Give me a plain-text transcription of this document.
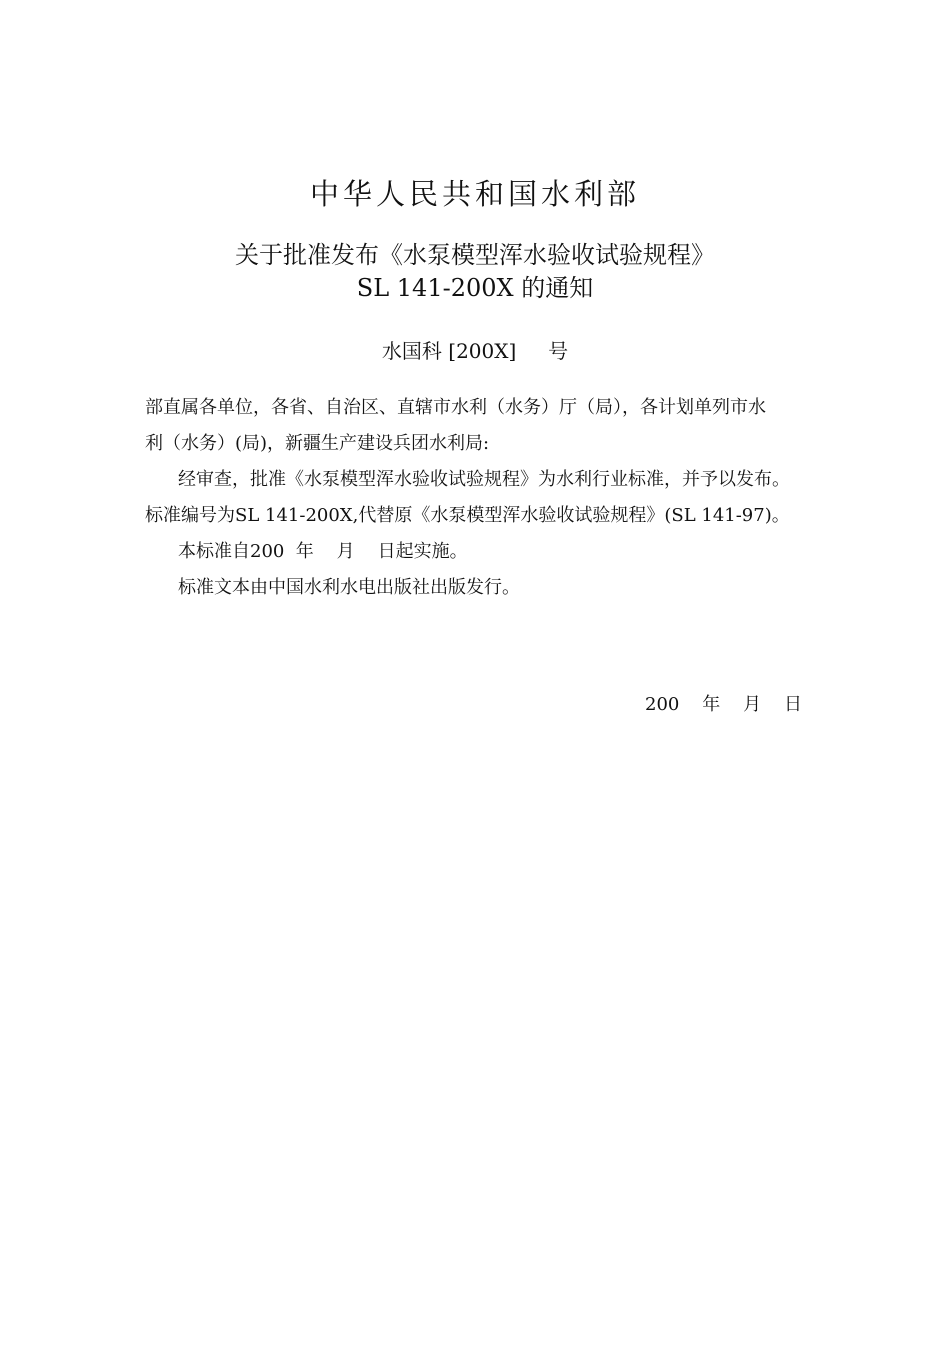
中华人民共和国水利部
关于批准发布《水泵模型浑水验收试验规程》
SL 141-200X 的通知
水国科 [200X]     号
部直属各单位，各省、自治区、直辖市水利（水务）厅（局），各计划单列市水
利（水务）(局)，新疆生产建设兵团水利局:
经审查，批准《水泵模型浑水验收试验规程》为水利行业标准，并予以发布。标准编号为SL 141-200X,代替原《水泵模型浑水验收试验规程》(SL 141-97)。
本标准自200  年    月    日起实施。
标准文本由中国水利水电出版社出版发行。
200    年    月    日
